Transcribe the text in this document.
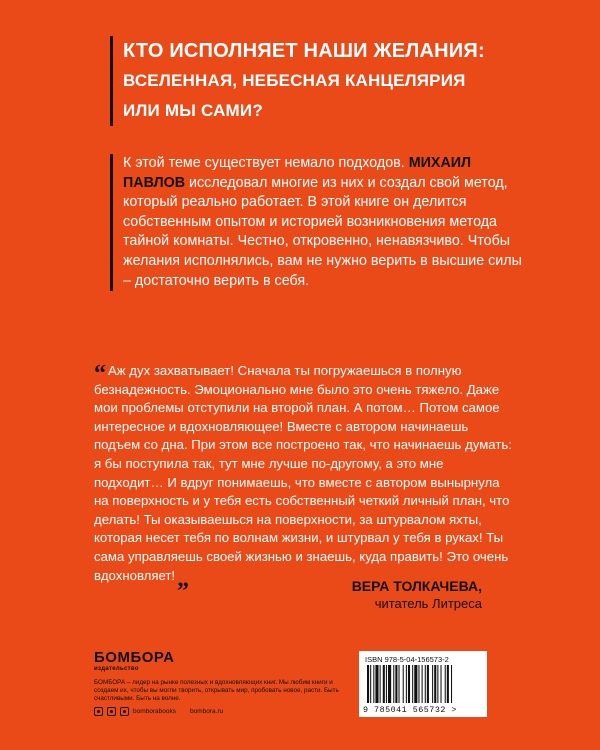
КТО ИСПОЛНЯЕТ НАШИ ЖЕЛАНИЯ:
ВСЕЛЕННАЯ, НЕБЕСНАЯ КАНЦЕЛЯРИЯ
ИЛИ МЫ САМИ?
К этой теме существует немало подходов. МИХАИЛ ПАВЛОВ исследовал многие из них и создал свой метод, который реально работает. В этой книге он делится собственным опытом и историей возникновения метода тайной комнаты. Честно, откровенно, ненавязчиво. Чтобы желания исполнялись, вам не нужно верить в высшие силы – достаточно верить в себя.
“ Аж дух захватывает! Сначала ты погружаешься в полную безнадежность. Эмоционально мне было это очень тяжело. Даже мои проблемы отступили на второй план. А потом… Потом самое интересное и вдохновляющее! Вместе с автором начинаешь подъем со дна. При этом все построено так, что начинаешь думать: я бы поступила так, тут мне лучше по-другому, а это мне подходит… И вдруг понимаешь, что вместе с автором вынырнула на поверхность и у тебя есть собственный четкий личный план, что делать! Ты оказываешься на поверхности, за штурвалом яхты, которая несет тебя по волнам жизни, и штурвал у тебя в руках! Ты сама управляешь своей жизнью и знаешь, куда править! Это очень вдохновляет!„	ВЕРА ТОЛКАЧЕВА,
читатель Литреса
БОМБОРА
издательство
БОМБОРА – лидер на рынке полезных и вдохновляющих книг. Мы любим книги и создаем их, чтобы вы могли творить, открывать мир, пробовать новое, расти. Быть счастливыми. Быть на волне.
bomborabooks bombora.ru
ISBN 978-5-04-156573-2
9 785041 565732 >
